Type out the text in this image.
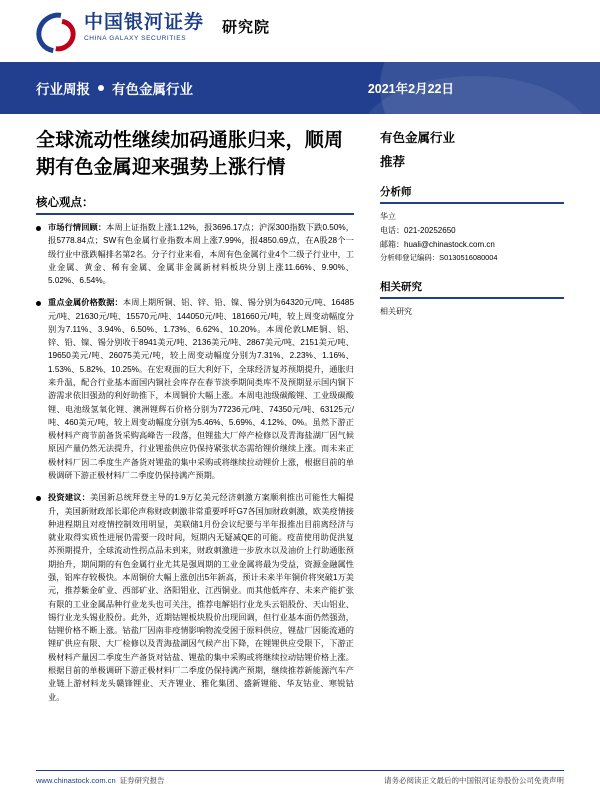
中国银河证券
CHINA GALAXY SECURITIES
研究院
行业周报 有色金属行业	2021年2月22日
全球流动性继续加码通胀归来，顺周期有色金属迎来强势上涨行情
核心观点：
市场行情回顾：本周上证指数上涨1.12%，报3696.17点；沪深300指数下跌0.50%，报5778.84点；SW有色金属行业指数本周上涨7.99%，报4850.69点，在A股28个一级行业中涨跌幅排名第2名。分子行业来看，本周有色金属行业4个二级子行业中，工业金属、黄金、稀有金属、金属非金属新材料板块分别上涨11.66%、9.90%、5.02%、6.54%。
重点金属价格数据：本周上期所铜、铝、锌、铅、镍、锡分别为64320元/吨、16485元/吨、21630元/吨、15570元/吨、144050元/吨、181660元/吨，较上周变动幅度分别为7.11%、3.94%、6.50%、1.73%、6.62%、10.20%。本周伦敦LME铜、铝、锌、铅、镍、锡分别收于8941美元/吨、2136美元/吨、2867美元/吨、2151美元/吨、19650美元/吨、26075美元/吨，较上周变动幅度分别为7.31%、2.23%、1.16%、1.53%、5.82%、10.25%。在宏观面的巨大利好下，全球经济复苏预期提升，通胀归来升温，配合行业基本面国内铜社会库存在春节淡季期间类库不及预期显示国内铜下游需求依旧强劲的利好助推下，本周铜价大幅上涨。本周电池级碳酸锂、工业级碳酸锂、电池级氢氧化锂、澳洲锂辉石价格分别为77236元/吨、74350元/吨、63125元/吨、460美元/吨，较上周变动幅度分别为5.46%、5.69%、4.12%、0%。虽然下游正极材料产商节前备货采购高峰告一段落，但锂盐大厂停产检修以及青海盐湖厂因气候原因产量仍然无法提升，行业锂盐供应仍保持紧张状态需给锂价继续上涨。而未来正极材料厂因二季度生产备货对锂盐的集中采购或将继续拉动锂价上涨，根据目前的单极调研下游正极材料厂二季度仍保持满产预期。
投资建议：美国新总统拜登主导的1.9万亿美元经济刺激方案顺利推出可能性大幅提升，美国新财政部长耶伦声称财政刺激非常重要呼吁G7各国加财政刺激，欧美疫情接种进程期且对疫情控制效用明显，美联储1月份会议纪要与半年报推出目前离经济与就业取得实质性进展仍需要一段时间，短期内无疑减QE的可能。疫苗使用助促洪复苏预期提升，全球流动性拐点品未到来，财政刺激进一步放水以及油价上行助通胀预期抬升，期间期的有色金属行业尤其是强周期的工业金属将最为受益，资源金融属性强，铝库存较极快。本周铜价大幅上涨创出5年新高，预计未来半年铜价将突破1万美元，推荐紫金矿业、西部矿业、洛阳钼业、江西铜业。而其他低库存、未来产能扩张有限的工业金属品种行业龙头也可关注，推荐电解铝行业龙头云铝股份、天山铝业、锡行业龙头锡业股份。此外，近期钴锂板块股价出现回调，但行业基本面仍然强劲，钴锂价格不断上涨。钴盐厂因南非疫情影响物流受困于原料供应，锂盐厂因能流通的锂矿供应有限、大厂检修以及青海盐湖因气候产出下降，在锂锂供应受限下，下游正极材料产量因二季度生产备货对钴盐、锂盐的集中采购或将继续拉动钴锂价格上涨。根据目前的单极调研下游正极材料厂二季度仍保持满产预期，继续推荐新能源汽车产业链上游材料龙头赣锋锂业、天齐锂业、雅化集团、盛新锂能、华友钴业、寒锐钴业。
有色金属行业
推荐
分析师
华立
电话：021-20252650
邮箱：huali@chinastock.com.cn
分析师登记编码：S0130516080004
相关研究
相关研究
www.chinastock.com.cn 证券研究报告	请务必阅读正文最后的中国银河证券股份公司免责声明
